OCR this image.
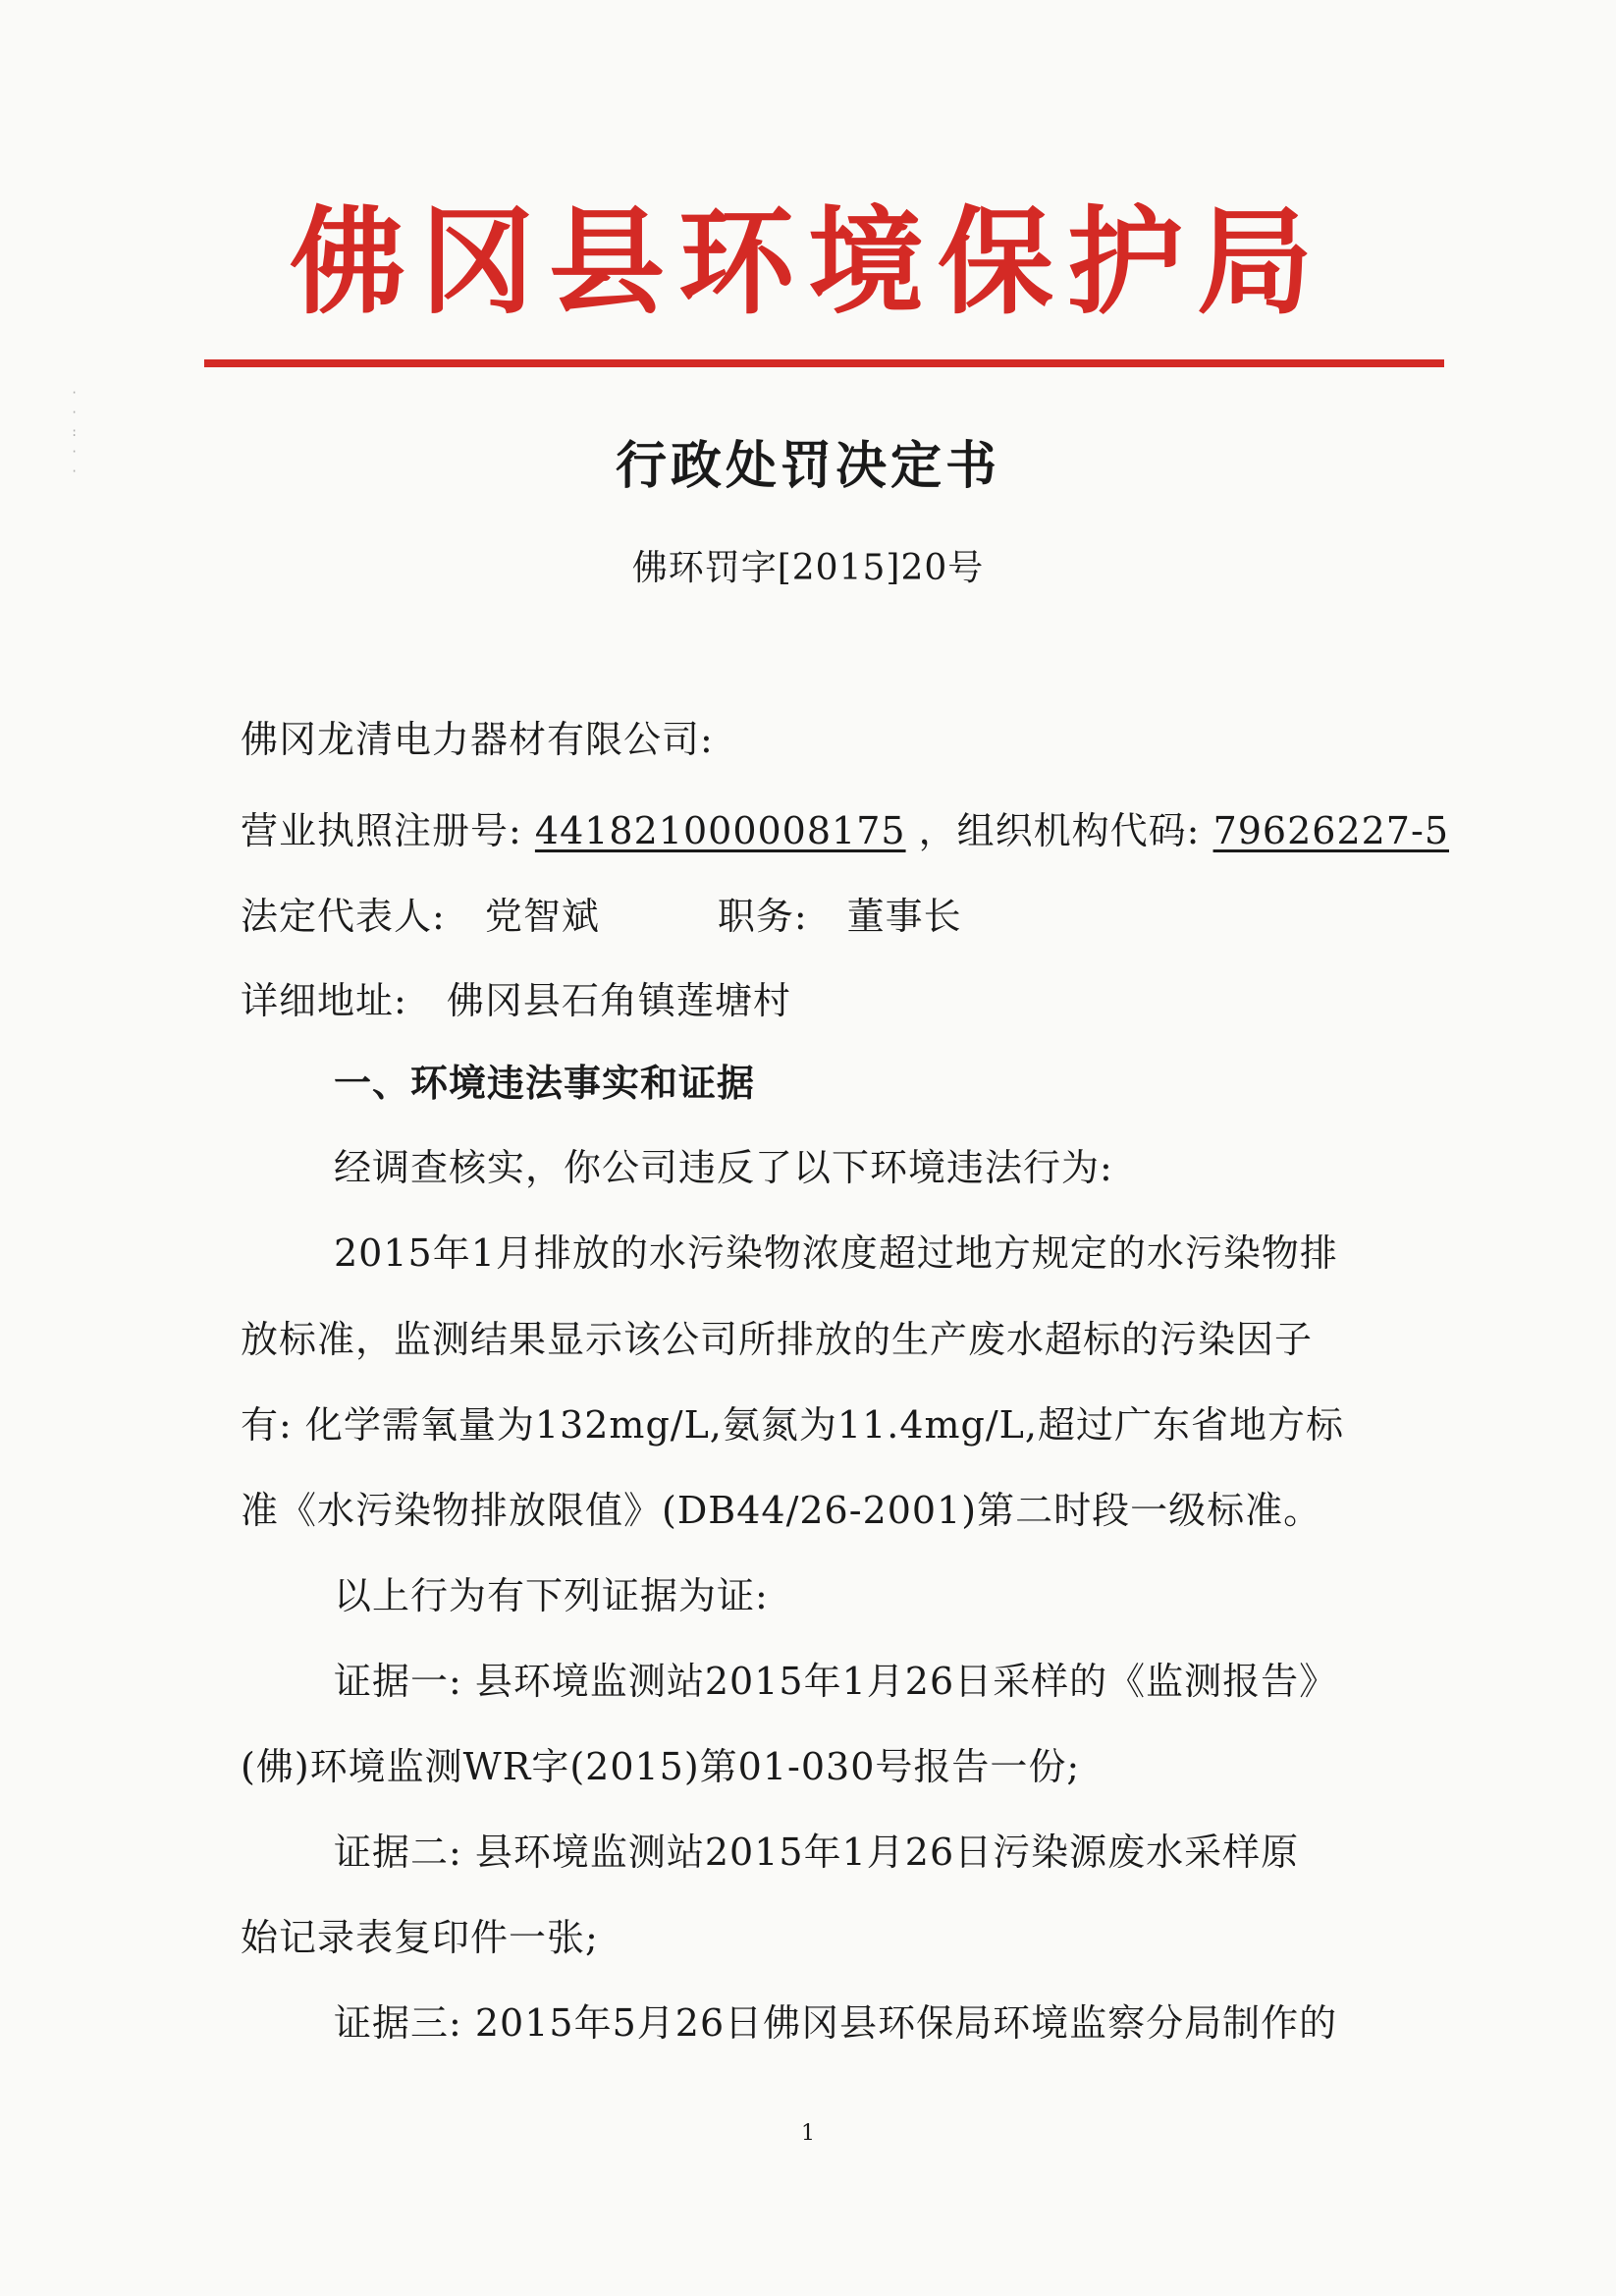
佛冈县环境保护局
·
·
:
·
·	行政处罚决定书
佛环罚字[2015]20号
佛冈龙清电力器材有限公司:
营业执照注册号: 441821000008175 ，组织机构代码: 79626227-5
法定代表人: 党智斌	职务: 董事长
详细地址: 佛冈县石角镇莲塘村
一、环境违法事实和证据
经调查核实，你公司违反了以下环境违法行为:
2015年1月排放的水污染物浓度超过地方规定的水污染物排
放标准，监测结果显示该公司所排放的生产废水超标的污染因子
有: 化学需氧量为132mg/L,氨氮为11.4mg/L,超过广东省地方标
准《水污染物排放限值》(DB44/26-2001)第二时段一级标准。
以上行为有下列证据为证:
证据一: 县环境监测站2015年1月26日采样的《监测报告》
(佛)环境监测WR字(2015)第01-030号报告一份;
证据二: 县环境监测站2015年1月26日污染源废水采样原
始记录表复印件一张;
证据三: 2015年5月26日佛冈县环保局环境监察分局制作的
1
